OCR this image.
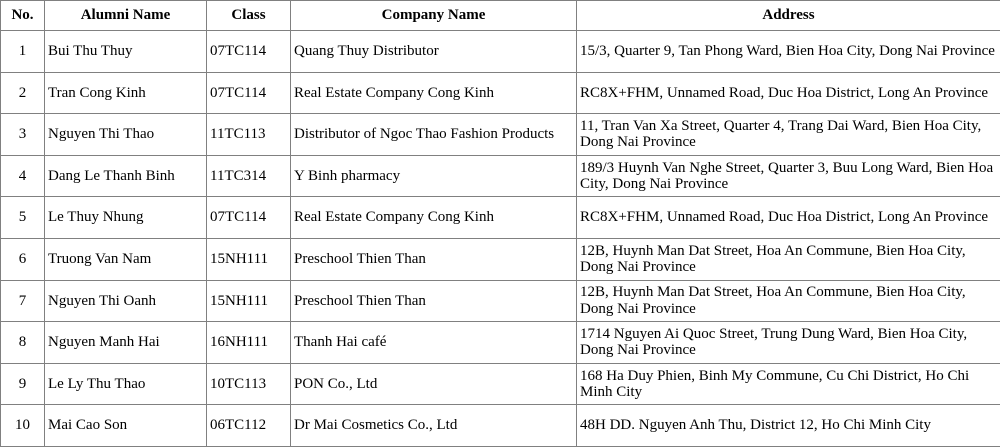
No.	Alumni Name	Class	Company Name	Address
1	Bui Thu Thuy	07TC114	Quang Thuy Distributor	15/3, Quarter 9, Tan Phong Ward, Bien Hoa City, Dong Nai Province
2	Tran Cong Kinh	07TC114	Real Estate Company Cong Kinh	RC8X+FHM, Unnamed Road, Duc Hoa District, Long An Province
3	Nguyen Thi Thao	11TC113	Distributor of Ngoc Thao Fashion Products	11, Tran Van Xa Street, Quarter 4, Trang Dai Ward, Bien Hoa City, Dong Nai Province
4	Dang Le Thanh Binh	11TC314	Y Binh pharmacy	189/3 Huynh Van Nghe Street, Quarter 3, Buu Long Ward, Bien Hoa City, Dong Nai Province
5	Le Thuy Nhung	07TC114	Real Estate Company Cong Kinh	RC8X+FHM, Unnamed Road, Duc Hoa District, Long An Province
6	Truong Van Nam	15NH111	Preschool Thien Than	12B, Huynh Man Dat Street, Hoa An Commune, Bien Hoa City, Dong Nai Province
7	Nguyen Thi Oanh	15NH111	Preschool Thien Than	12B, Huynh Man Dat Street, Hoa An Commune, Bien Hoa City, Dong Nai Province
8	Nguyen Manh Hai	16NH111	Thanh Hai café	1714 Nguyen Ai Quoc Street, Trung Dung Ward, Bien Hoa City, Dong Nai Province
9	Le Ly Thu Thao	10TC113	PON Co., Ltd	168 Ha Duy Phien, Binh My Commune, Cu Chi District, Ho Chi Minh City
10	Mai Cao Son	06TC112	Dr Mai Cosmetics Co., Ltd	48H DD. Nguyen Anh Thu, District 12, Ho Chi Minh City
